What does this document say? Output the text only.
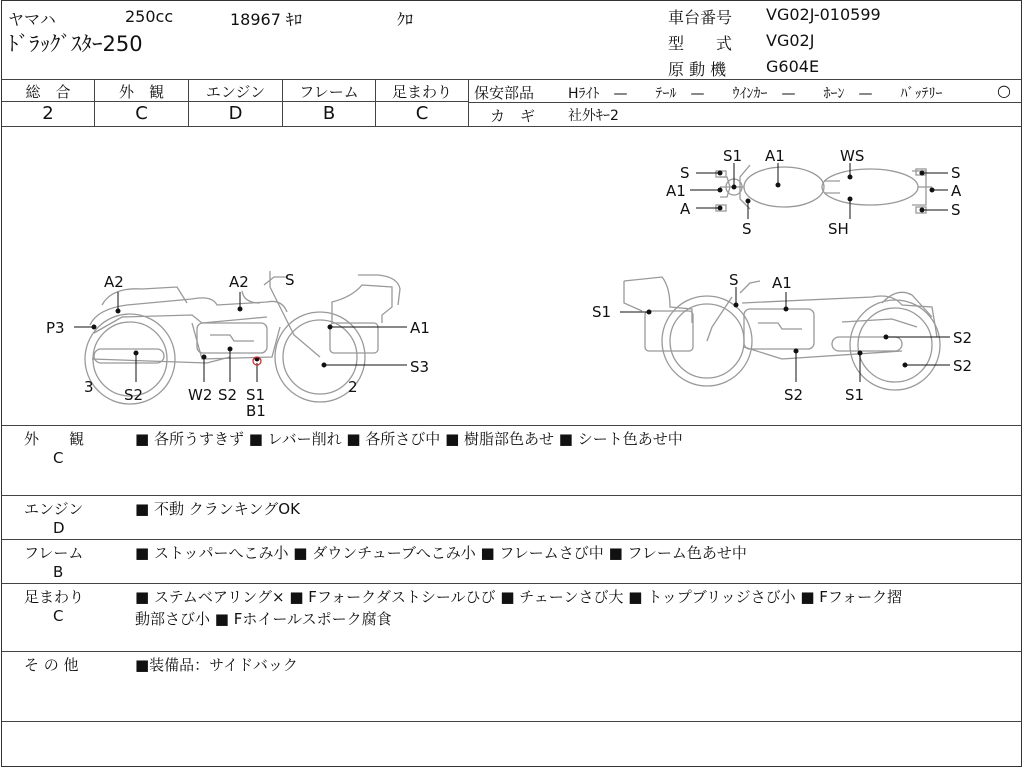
ヤマハ	250cc	18967 ｷﾛ	ｸﾛ
ﾄﾞﾗｯｸﾞｽﾀｰ250
車台番号 VG02J-010599
型　　式 VG02J
原 動 機 G604E
総　合	外　観	エンジン	フレーム	足まわり
2	C	D	B	C
保安部品 Hﾗｲﾄ　—　　ﾃｰﾙ　—　　ｳｲﾝｶｰ　—　　ﾎｰﾝ　—　　ﾊﾞｯﾃﾘｰ	○
カ　ギ 社外ｷｰ2
A2	A2 S
P3	A1
S3
3 S2	W2 S2 S1
B1
2
S A1
S1
S2
S2
S2	S1
S1 A1	WS
S	S
A1	A
A	S
S	SH
外　　観
C
■ 各所うすきず ■ レバー削れ ■ 各所さび中 ■ 樹脂部色あせ ■ シート色あせ中
エンジン
D
■ 不動 クランキングOK
フレーム
B
■ ストッパーへこみ小 ■ ダウンチューブへこみ小 ■ フレームさび中 ■ フレーム色あせ中
足まわり
C
■ ステムベアリング× ■ Fフォークダストシールひび ■ チェーンさび大 ■ トップブリッジさび小 ■ Fフォーク摺
動部さび小 ■ Fホイールスポーク腐食
そ の 他	■装備品：サイドバック
